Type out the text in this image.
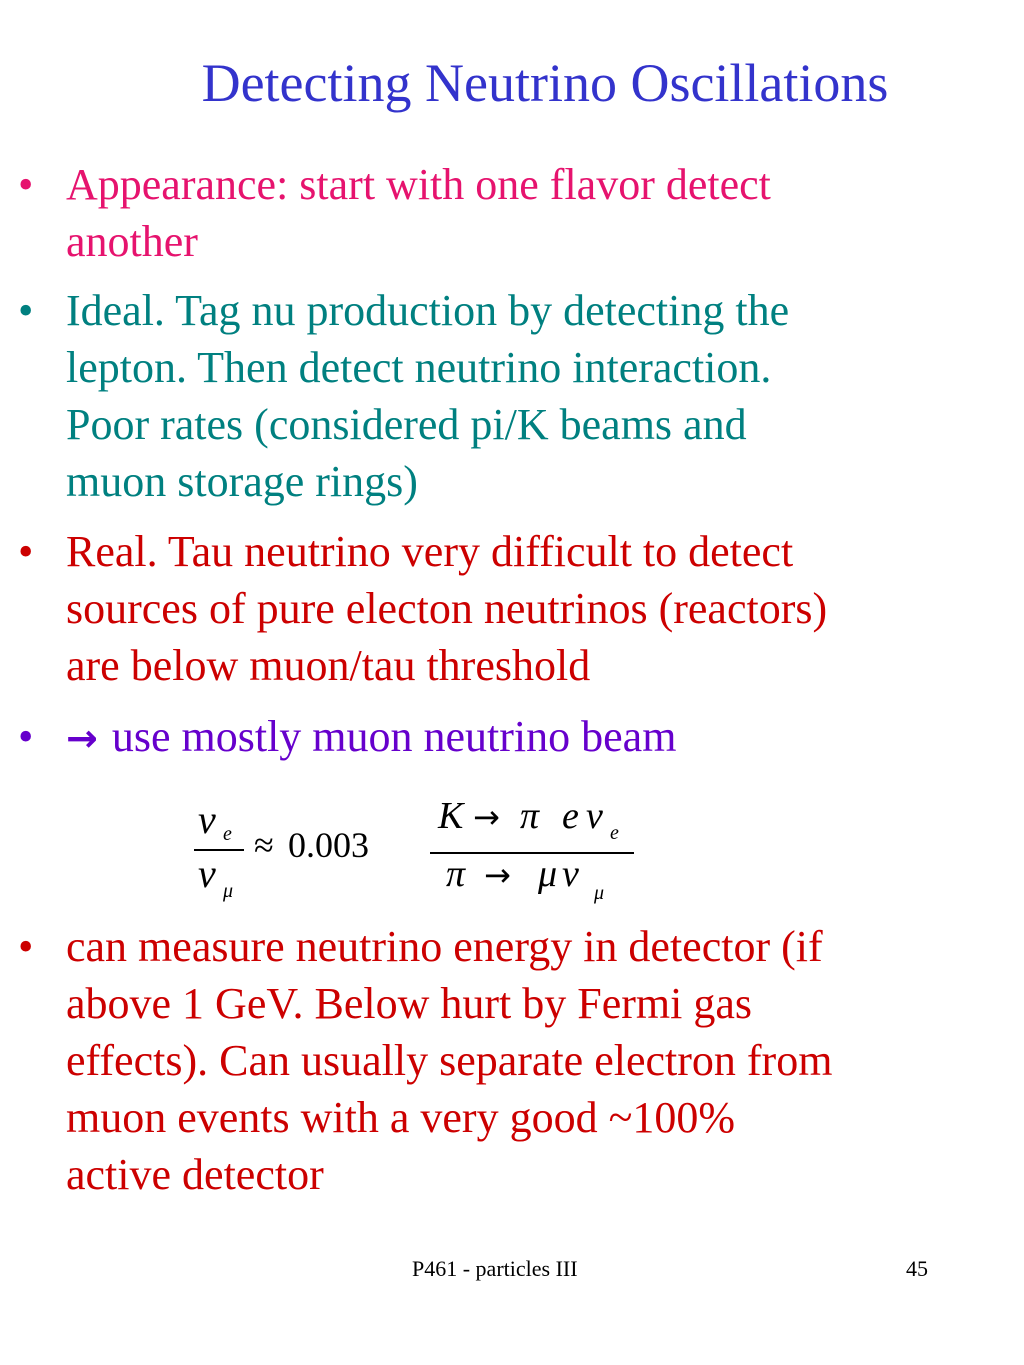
Detecting Neutrino Oscillations
• Appearance: start with one flavor detect
another
• Ideal. Tag nu production by detecting the
lepton. Then detect neutrino interaction.
Poor rates (considered pi/K beams and
muon storage rings)
• Real. Tau neutrino very difficult to detect
sources of pure electon neutrinos (reactors)
are below muon/tau threshold
• → use mostly muon neutrino beam
ν e
ν μ
≈ 0.003
K → π e ν e
π → μ ν μ
• can measure neutrino energy in detector (if
above 1 GeV. Below hurt by Fermi gas
effects). Can usually separate electron from
muon events with a very good ~100%
active detector
P461 - particles III	45
